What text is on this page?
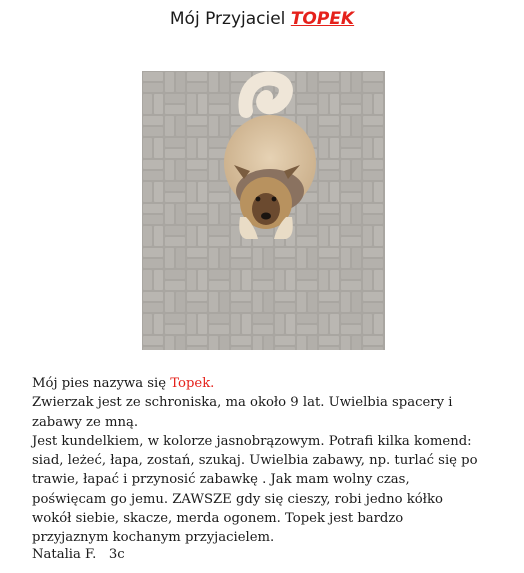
Mój Przyjaciel TOPEK
Mój pies nazywa się Topek.
Zwierzak jest ze schroniska, ma około 9 lat. Uwielbia spacery i
zabawy ze mną.
Jest kundelkiem, w kolorze jasnobrązowym. Potrafi kilka komend:
siad, leżeć, łapa, zostań, szukaj. Uwielbia zabawy, np. turlać się po
trawie, łapać i przynosić zabawkę . Jak mam wolny czas,
poświęcam go jemu. ZAWSZE gdy się cieszy, robi jedno kółko
wokół siebie, skacze, merda ogonem. Topek jest bardzo
przyjaznym kochanym przyjacielem.
Natalia F.   3c
